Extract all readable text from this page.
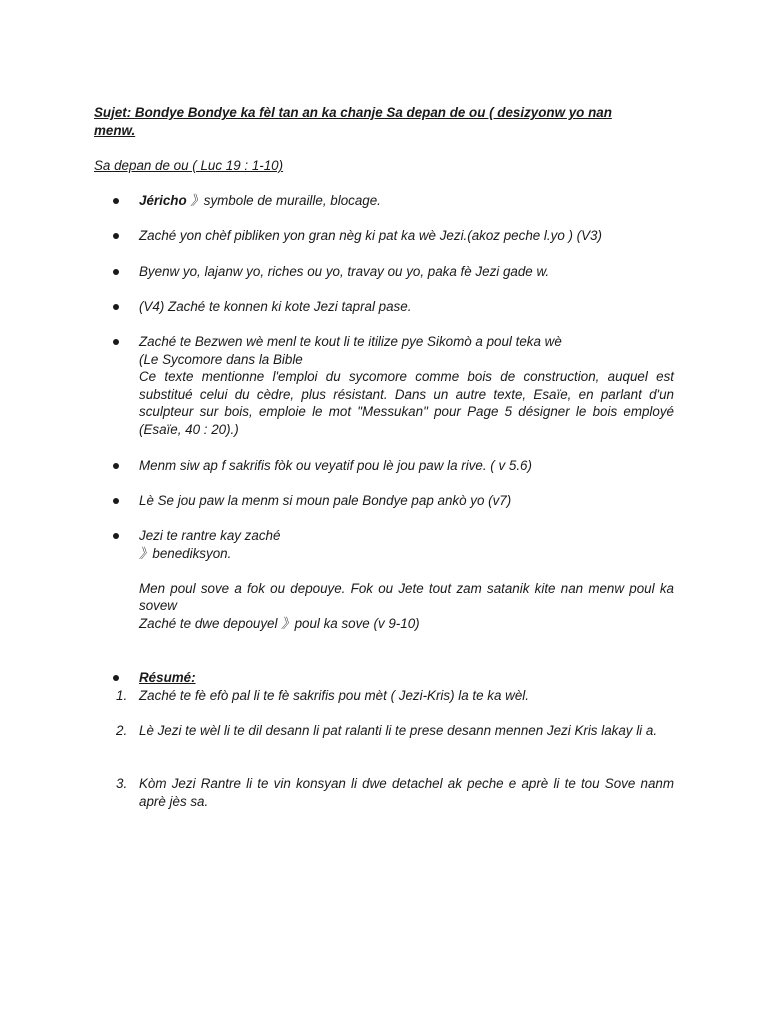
Sujet: Bondye Bondye ka fèl tan an ka chanje Sa depan de ou ( desizyonw yo nan menw.
Sa depan de ou ( Luc 19 : 1-10)
Jéricho 》symbole de muraille, blocage.
Zaché yon chèf pibliken yon gran nèg ki pat ka wè Jezi.(akoz peche l.yo ) (V3)
Byenw yo, lajanw yo, riches ou yo, travay ou yo, paka fè Jezi gade w.
(V4) Zaché te konnen ki kote Jezi tapral pase.
Zaché te Bezwen wè menl te kout li te itilize pye Sikomò a poul teka wè
(Le Sycomore dans la Bible
Ce texte mentionne l'emploi du sycomore comme bois de construction, auquel est substitué celui du cèdre, plus résistant. Dans un autre texte, Esaïe, en parlant d'un sculpteur sur bois, emploie le mot "Messukan" pour Page 5 désigner le bois employé (Esaïe, 40 : 20).)
Menm siw ap f sakrifis fòk ou veyatif pou lè jou paw la rive. ( v 5.6)
Lè Se jou paw la menm si moun pale Bondye pap ankò yo (v7)
Jezi te rantre kay zaché
》benediksyon.
Men poul sove a fok ou depouye. Fok ou Jete tout zam satanik kite nan menw poul ka sovew
Zaché te dwe depouyel 》poul ka sove (v 9-10)
Résumé:
1. Zaché te fè efò pal li te fè sakrifis pou mèt ( Jezi-Kris) la te ka wèl.
2. Lè Jezi te wèl li te dil desann li pat ralanti li te prese desann mennen Jezi Kris lakay li a.
3. Kòm Jezi Rantre li te vin konsyan li dwe detachel ak peche e aprè li te tou Sove nanm aprè jès sa.
